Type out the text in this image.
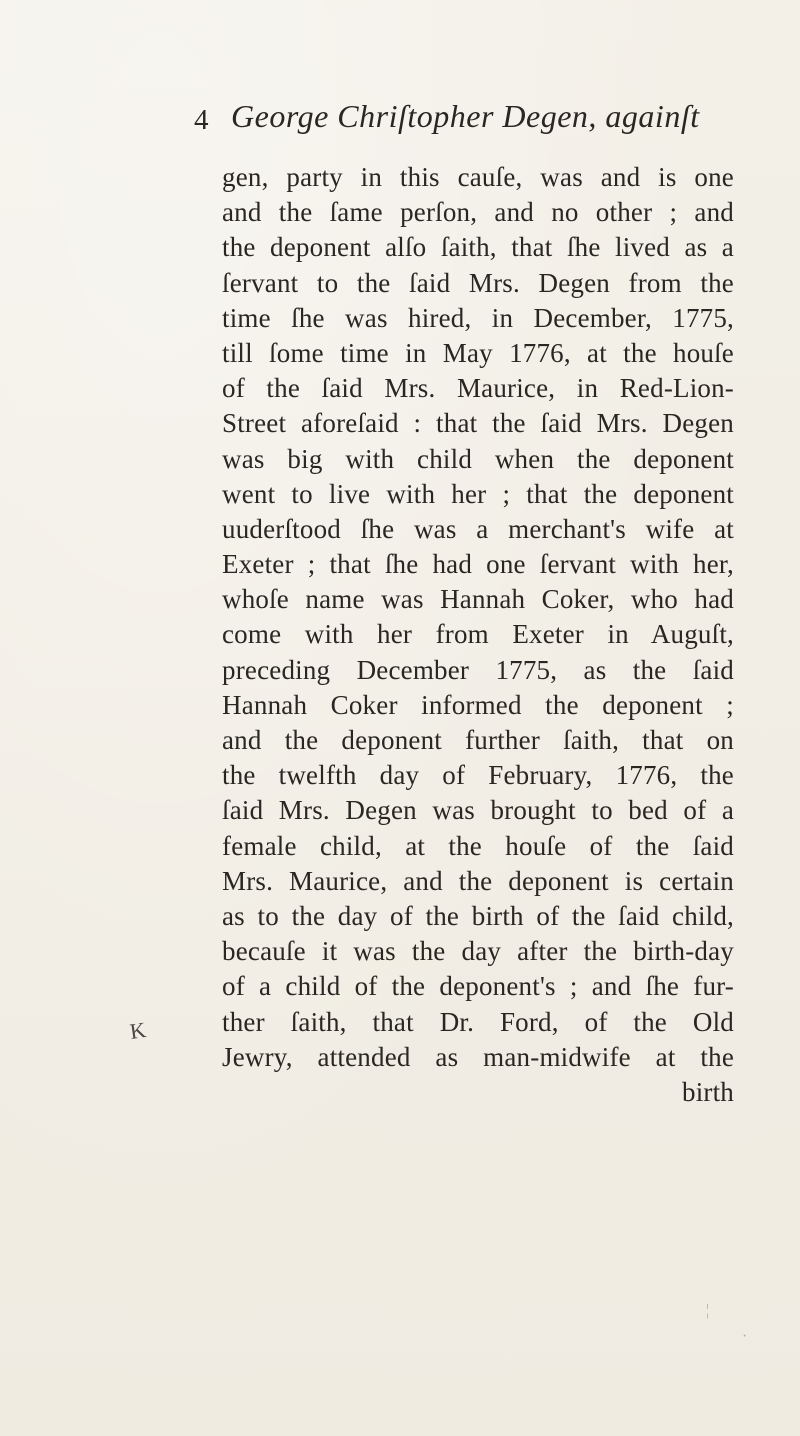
4 George Chriſtopher Degen, againſt
K
gen, party in this cauſe, was and is one
and the ſame perſon, and no other ; and
the deponent alſo ſaith, that ſhe lived as a
ſervant to the ſaid Mrs. Degen from the
time ſhe was hired, in December, 1775,
till ſome time in May 1776, at the houſe
of the ſaid Mrs. Maurice, in Red-Lion-
Street aforeſaid : that the ſaid Mrs. Degen
was big with child when the deponent
went to live with her ; that the deponent
uuderſtood ſhe was a merchant's wife at
Exeter ; that ſhe had one ſervant with her,
whoſe name was Hannah Coker, who had
come with her from Exeter in Auguſt,
preceding December 1775, as the ſaid
Hannah Coker informed the deponent ;
and the deponent further ſaith, that on
the twelfth day of February, 1776, the
ſaid Mrs. Degen was brought to bed of a
female child, at the houſe of the ſaid
Mrs. Maurice, and the deponent is certain
as to the day of the birth of the ſaid child,
becauſe it was the day after the birth-day
of a child of the deponent's ; and ſhe fur-
ther ſaith, that Dr. Ford, of the Old
Jewry, attended as man-midwife at the
birth
¦
·
